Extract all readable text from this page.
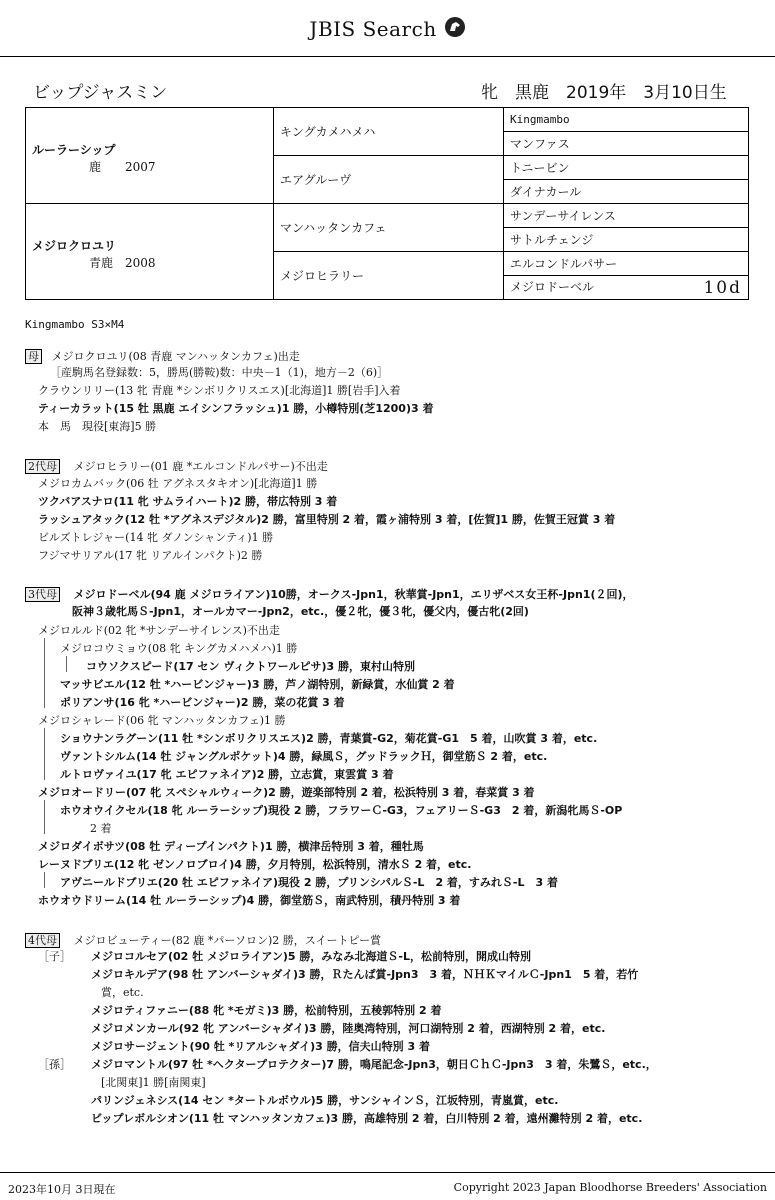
JBIS Search
ビップジャスミン	牝　黒鹿　2019年　3月10日生
ルーラーシップ
鹿　　2007	キングカメハメハ	Kingmambo
		マンファス
	エアグルーヴ	トニービン
		ダイナカール

メジロクロユリ
青鹿　2008	マンハッタンカフェ	サンデーサイレンス
		サトルチェンジ
	メジロヒラリー	エルコンドルパサー
		メジロドーベル 10d
Kingmambo S3×M4
母 メジロクロユリ(08 青鹿 マンハッタンカフェ)出走
［産駒馬名登録数：5，勝馬(勝鞍)数：中央－1（1)，地方－2（6)］
クラウンリリー(13 牝 青鹿 *シンボリクリスエス)[北海道]1 勝[岩手]入着
ティーカラット(15 牡 黒鹿 エイシンフラッシュ)1 勝，小樽特別(芝1200)3 着
本　馬　現役[東海]5 勝
2代母 メジロヒラリー(01 鹿 *エルコンドルパサー)不出走
メジロカムバック(06 牡 アグネスタキオン)[北海道]1 勝
ツクバアスナロ(11 牝 サムライハート)2 勝，帯広特別 3 着
ラッシュアタック(12 牡 *アグネスデジタル)2 勝，富里特別 2 着，霞ヶ浦特別 3 着，[佐賀]1 勝，佐賀王冠賞 3 着
ビルズトレジャー(14 牝 ダノンシャンティ)1 勝
フジマサリアル(17 牝 リアルインパクト)2 勝
3代母 メジロドーベル(94 鹿 メジロライアン)10勝，オークス-Jpn1，秋華賞-Jpn1，エリザベス女王杯-Jpn1(２回)，
阪神３歳牝馬Ｓ-Jpn1，オールカマー-Jpn2，etc.，優２牝，優３牝，優父内，優古牝(2回)
メジロルルド(02 牝 *サンデーサイレンス)不出走
メジロコウミョウ(08 牝 キングカメハメハ)1 勝
コウソクスピード(17 セン ヴィクトワールピサ)3 勝，東村山特別
マッサビエル(12 牡 *ハービンジャー)3 勝，芦ノ湖特別，新緑賞，水仙賞 2 着
ポリアンサ(16 牝 *ハービンジャー)2 勝，菜の花賞 3 着
メジロシャレード(06 牝 マンハッタンカフェ)1 勝
ショウナンラグーン(11 牡 *シンボリクリスエス)2 勝，青葉賞-G2，菊花賞-G1　5 着，山吹賞 3 着，etc.
ヴァントシルム(14 牡 ジャングルポケット)4 勝，緑風Ｓ，グッドラックＨ，御堂筋Ｓ 2 着，etc.
ルトロヴァイユ(17 牝 エピファネイア)2 勝，立志賞，東雲賞 3 着
メジロオードリー(07 牝 スペシャルウィーク)2 勝，遊楽部特別 2 着，松浜特別 3 着，春菜賞 3 着
ホウオウイクセル(18 牝 ルーラーシップ)現役 2 勝，フラワーＣ-G3，フェアリーＳ-G3　2 着，新潟牝馬Ｓ-OP
2 着
メジロダイボサツ(08 牡 ディープインパクト)1 勝，横津岳特別 3 着，種牡馬
レーヌドブリエ(12 牝 ゼンノロブロイ)4 勝，夕月特別，松浜特別，清水Ｓ 2 着，etc.
アヴニールドブリエ(20 牡 エピファネイア)現役 2 勝，プリンシパルＳ-L　2 着，すみれＳ-L　3 着
ホウオウドリーム(14 牡 ルーラーシップ)4 勝，御堂筋Ｓ，南武特別，積丹特別 3 着
4代母 メジロビューティー(82 鹿 *パーソロン)2 勝，スイートピー賞
［子］ メジロコルセア(02 牡 メジロライアン)5 勝，みなみ北海道Ｓ-L，松前特別，開成山特別
メジロキルデア(98 牡 アンバーシャダイ)3 勝，Ｒたんぱ賞-Jpn3　3 着，ＮＨＫマイルＣ-Jpn1　5 着，若竹
賞，etc.
メジロティファニー(88 牝 *モガミ)3 勝，松前特別，五稜郭特別 2 着
メジロメンカール(92 牝 アンバーシャダイ)3 勝，陸奥湾特別，河口湖特別 2 着，西湖特別 2 着，etc.
メジロサージェント(90 牡 *リアルシャダイ)3 勝，信夫山特別 3 着
［孫］ メジロマントル(97 牡 *ヘクタープロテクター)7 勝，鳴尾記念-Jpn3，朝日ＣｈＣ-Jpn3　3 着，朱鷺Ｓ，etc.，
[北関東]1 勝[南関東]
パリンジェネシス(14 セン *タートルボウル)5 勝，サンシャインＳ，江坂特別，青嵐賞，etc.
ビップレボルシオン(11 牡 マンハッタンカフェ)3 勝，高雄特別 2 着，白川特別 2 着，遠州灘特別 2 着，etc.
2023年10月 3日現在	Copyright 2023 Japan Bloodhorse Breeders' Association
